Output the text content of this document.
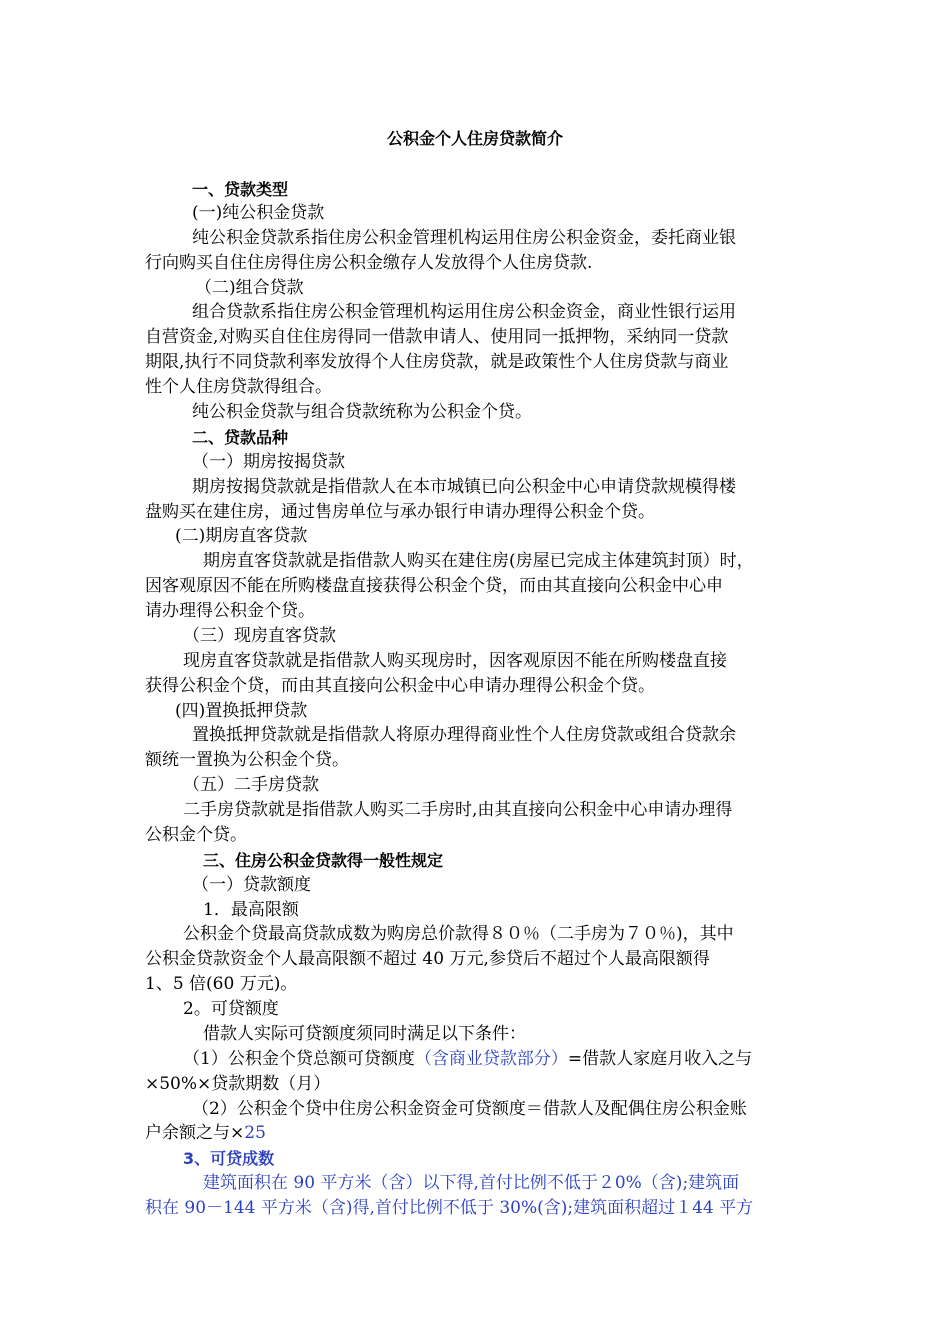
公积金个人住房贷款简介
一、贷款类型
(一)纯公积金贷款
纯公积金贷款系指住房公积金管理机构运用住房公积金资金，委托商业银
行向购买自住住房得住房公积金缴存人发放得个人住房贷款.
（二)组合贷款
组合贷款系指住房公积金管理机构运用住房公积金资金，商业性银行运用
自营资金,对购买自住住房得同一借款申请人、使用同一抵押物，采纳同一贷款
期限,执行不同贷款利率发放得个人住房贷款，就是政策性个人住房贷款与商业
性个人住房贷款得组合。
纯公积金贷款与组合贷款统称为公积金个贷。
二、贷款品种
（一）期房按揭贷款
期房按揭贷款就是指借款人在本市城镇已向公积金中心申请贷款规模得楼
盘购买在建住房，通过售房单位与承办银行申请办理得公积金个贷。
(二)期房直客贷款
期房直客贷款就是指借款人购买在建住房(房屋已完成主体建筑封顶）时，
因客观原因不能在所购楼盘直接获得公积金个贷，而由其直接向公积金中心申
请办理得公积金个贷。
（三）现房直客贷款
现房直客贷款就是指借款人购买现房时，因客观原因不能在所购楼盘直接
获得公积金个贷，而由其直接向公积金中心申请办理得公积金个贷。
(四)置换抵押贷款
置换抵押贷款就是指借款人将原办理得商业性个人住房贷款或组合贷款余
额统一置换为公积金个贷。
（五）二手房贷款
二手房贷款就是指借款人购买二手房时,由其直接向公积金中心申请办理得
公积金个贷。
三、住房公积金贷款得一般性规定
（一）贷款额度
1．最高限额
公积金个贷最高贷款成数为购房总价款得８０％（二手房为７０％)，其中
公积金贷款资金个人最高限额不超过 40 万元,参贷后不超过个人最高限额得
1、5 倍(60 万元)。
2。可贷额度
借款人实际可贷额度须同时满足以下条件：
（1）公积金个贷总额可贷额度（含商业贷款部分）=借款人家庭月收入之与
×50%×贷款期数（月）
（2）公积金个贷中住房公积金资金可贷额度＝借款人及配偶住房公积金账
户余额之与×25
3、可贷成数
建筑面积在 90 平方米（含）以下得,首付比例不低于２0%（含);建筑面
积在 90－144 平方米（含)得,首付比例不低于 30%(含);建筑面积超过１44 平方
